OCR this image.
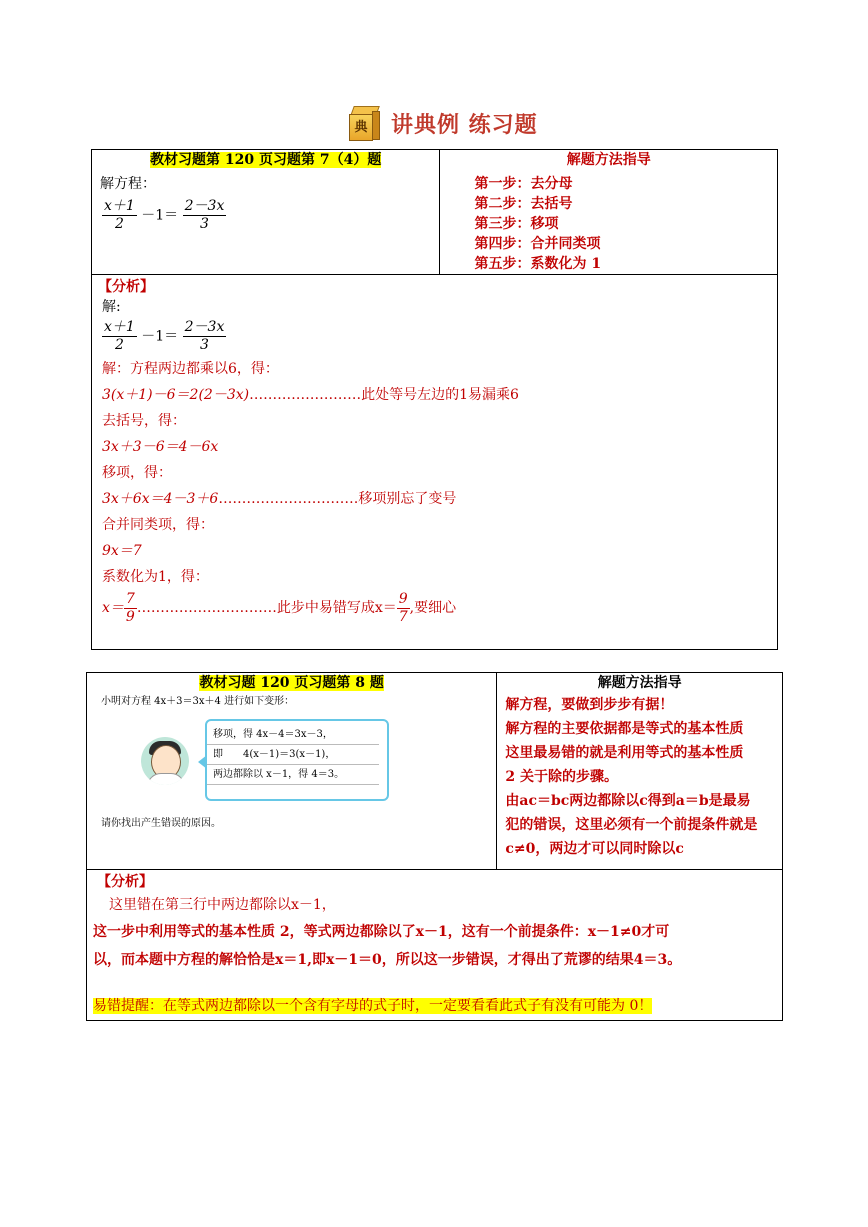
典 讲典例 练习题
教材习题第 120 页习题第 7（4）题
解方程：
$\frac{x+1}{2} -1= \frac{2-3x}{3}$

解题方法指导
第一步：去分母
第二步：去括号
第三步：移项
第四步：合并同类项
第五步：系数化为 1

【分析】
解:
$\frac{x+1}{2} -1= \frac{2-3x}{3}$
解：方程两边都乘以6，得：
3(x＋1)－6＝2(2－3x)……………………此处等号左边的1易漏乘6
去括号，得：
3x＋3－6＝4－6x
移项，得：
3x＋6x＝4－3＋6…………………………移项别忘了变号
合并同类项，得：
9x＝7
系数化为1，得：
$x= \frac{7}{9}$ …………………………此步中易错写成$x= \frac{9}{7}$ ,要细心
教材习题 120 页习题第 8 题
小明对方程 4x＋3＝3x＋4 进行如下变形：
移项，得 4x－4＝3x－3，
即　　4(x－1)＝3(x－1)，
两边都除以 x－1，得 4＝3。
请你找出产生错误的原因。

解题方法指导
解方程，要做到步步有据！
解方程的主要依据都是等式的基本性质
这里最易错的就是利用等式的基本性质
2 关于除的步骤。
由ac＝bc两边都除以c得到a＝b是最易
犯的错误，这里必须有一个前提条件就是
c≠0，两边才可以同时除以c

【分析】
这里错在第三行中两边都除以x－1，
这一步中利用等式的基本性质 2，等式两边都除以了x－1，这有一个前提条件：x－1≠0才可
以，而本题中方程的解恰恰是x＝1,即x－1＝0，所以这一步错误，才得出了荒谬的结果4＝3。
易错提醒：在等式两边都除以一个含有字母的式子时，一定要看看此式子有没有可能为 0！
